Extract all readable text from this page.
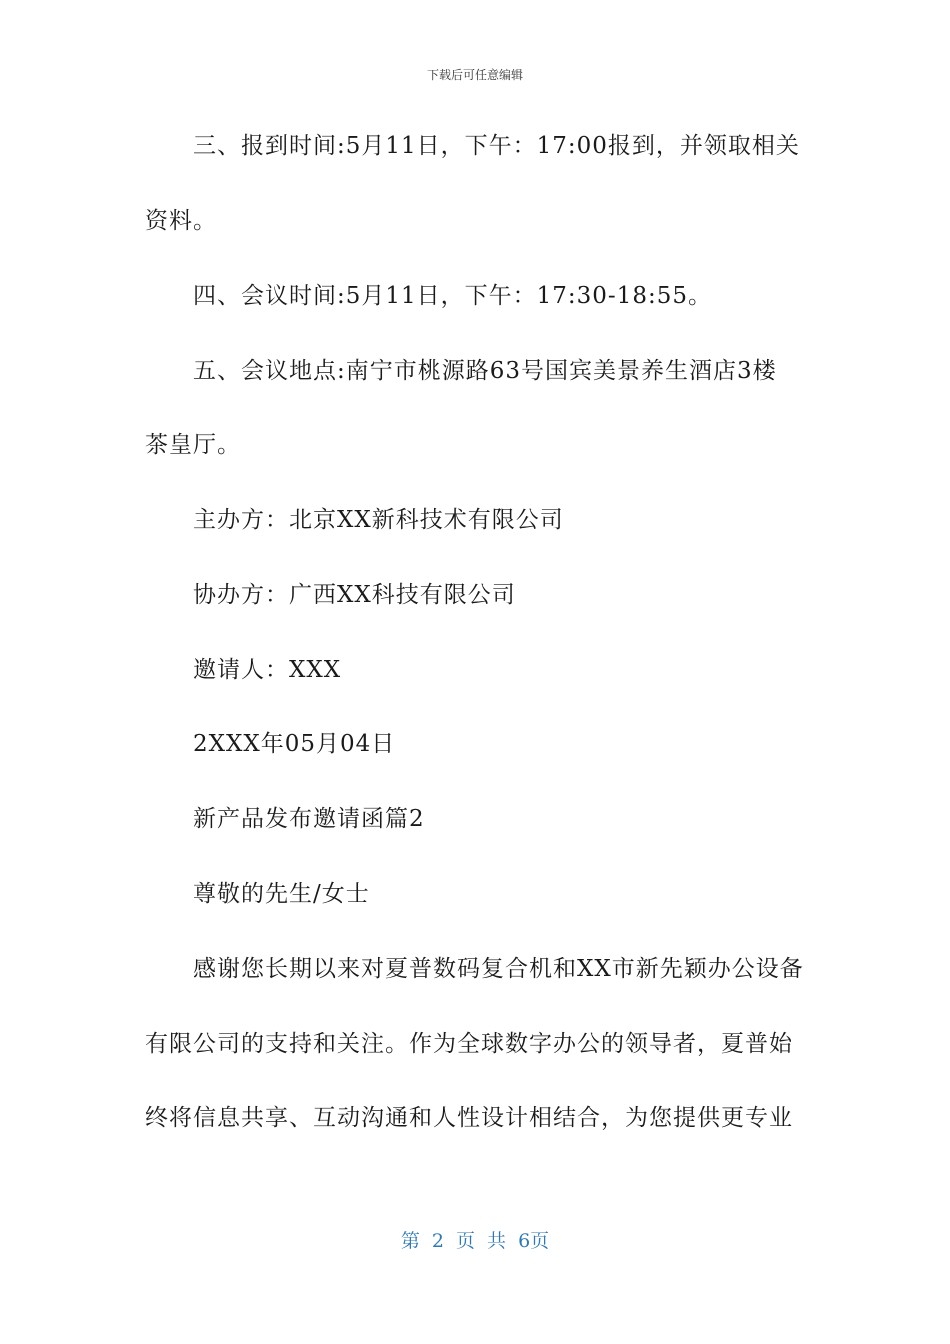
下载后可任意编辑
三、报到时间:5月11日，下午：17:00报到，并领取相关
资料。
四、会议时间:5月11日，下午：17:30-18:55。
五、会议地点:南宁市桃源路63号国宾美景养生酒店3楼
茶皇厅。
主办方：北京XX新科技术有限公司
协办方：广西XX科技有限公司
邀请人：XXX
2XXX年05月04日
新产品发布邀请函篇2
尊敬的先生/女士
感谢您长期以来对夏普数码复合机和XX市新先颖办公设备
有限公司的支持和关注。作为全球数字办公的领导者，夏普始
终将信息共享、互动沟通和人性设计相结合，为您提供更专业
第 2 页 共 6页
